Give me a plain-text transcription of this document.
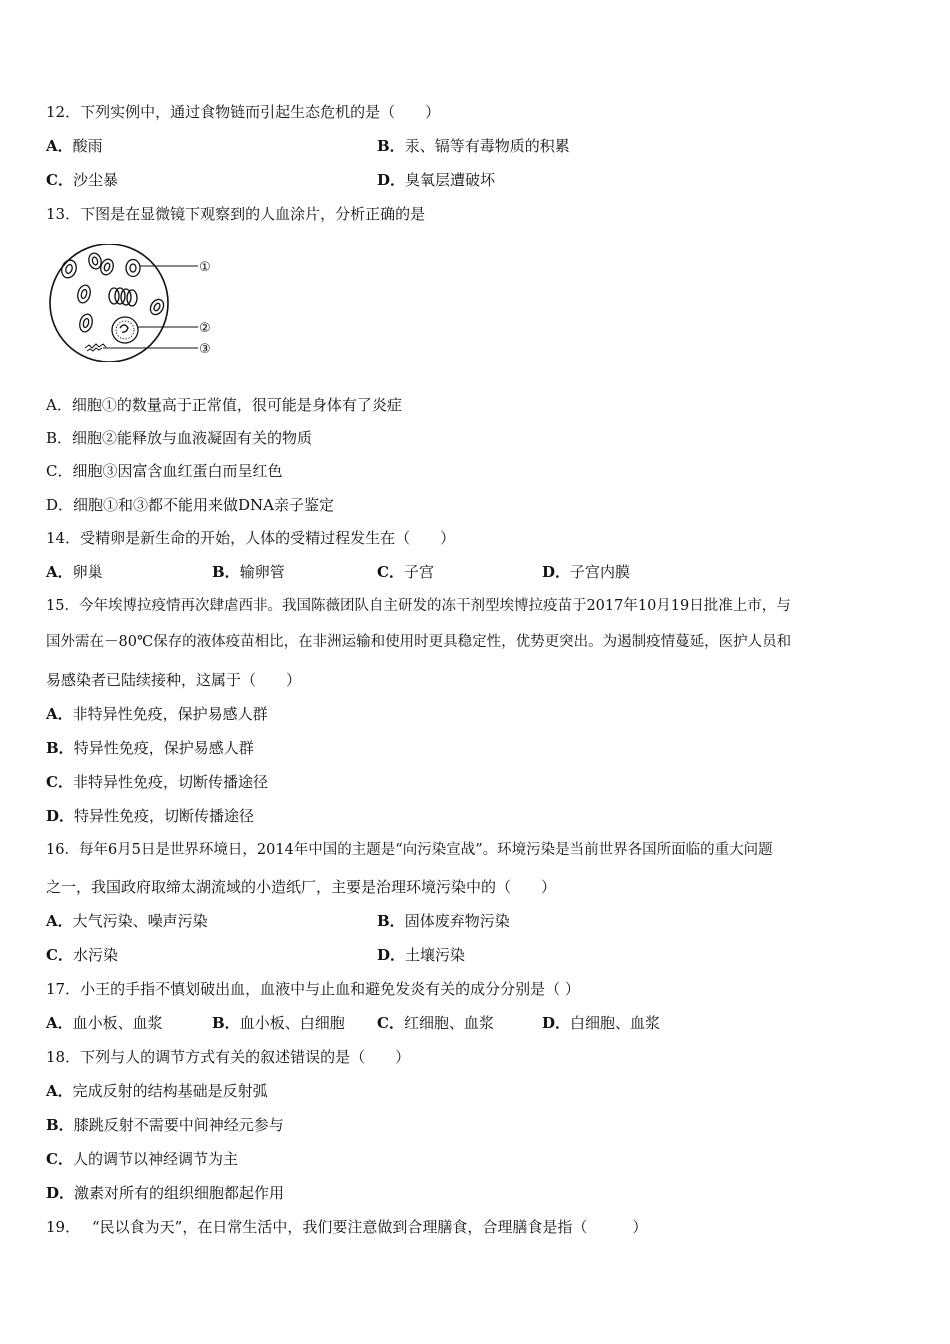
12．下列实例中，通过食物链而引起生态危机的是（　　）
A．酸雨	B．汞、镉等有毒物质的积累
C．沙尘暴	D．臭氧层遭破坏
13．下图是在显微镜下观察到的人血涂片，分析正确的是
①
②
③
A．细胞①的数量高于正常值，很可能是身体有了炎症
B．细胞②能释放与血液凝固有关的物质
C．细胞③因富含血红蛋白而呈红色
D．细胞①和③都不能用来做DNA亲子鉴定
14．受精卵是新生命的开始，人体的受精过程发生在（　　）
A．卵巢	B．输卵管	C．子宫	D．子宫内膜
15．今年埃博拉疫情再次肆虐西非。我国陈薇团队自主研发的冻干剂型埃博拉疫苗于2017年10月19日批准上市，与
国外需在－80℃保存的液体疫苗相比，在非洲运输和使用时更具稳定性，优势更突出。为遏制疫情蔓延，医护人员和
易感染者已陆续接种，这属于（　　）
A．非特异性免疫，保护易感人群
B．特异性免疫，保护易感人群
C．非特异性免疫，切断传播途径
D．特异性免疫，切断传播途径
16．每年6月5日是世界环境日，2014年中国的主题是“向污染宣战”。环境污染是当前世界各国所面临的重大问题
之一，我国政府取缔太湖流域的小造纸厂，主要是治理环境污染中的（　　）
A．大气污染、噪声污染	B．固体废弃物污染
C．水污染	D．土壤污染
17．小王的手指不慎划破出血，血液中与止血和避免发炎有关的成分分别是（ ）
A．血小板、血浆	B．血小板、白细胞 C．红细胞、血浆	D．白细胞、血浆
18．下列与人的调节方式有关的叙述错误的是（　　）
A．完成反射的结构基础是反射弧
B．膝跳反射不需要中间神经元参与
C．人的调节以神经调节为主
D．激素对所有的组织细胞都起作用
19． “民以食为天”，在日常生活中，我们要注意做到合理膳食，合理膳食是指（　　　）
